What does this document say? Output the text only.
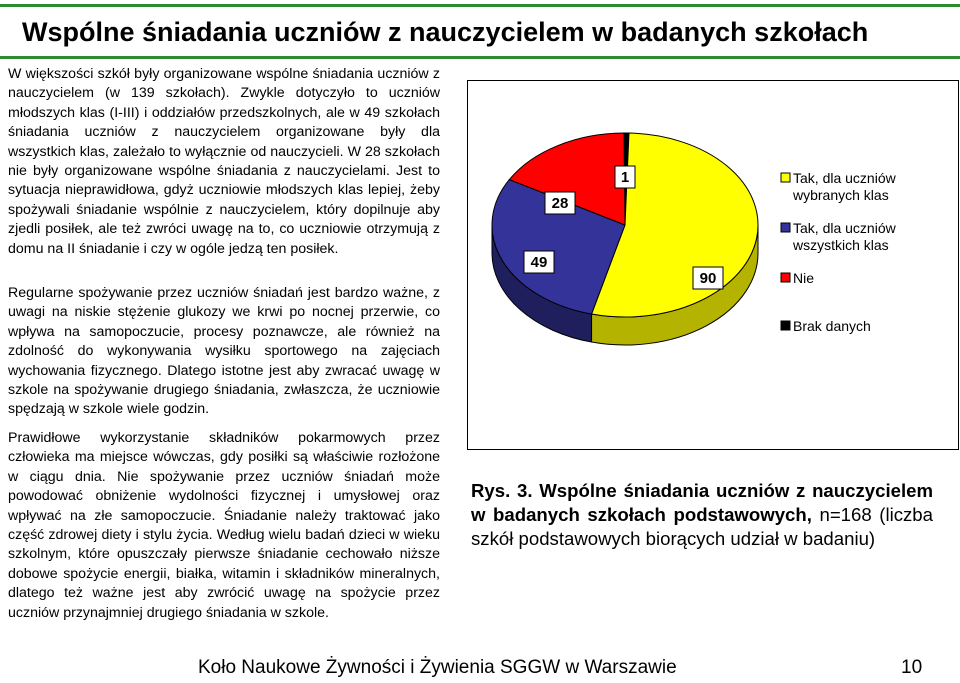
Wspólne śniadania uczniów z nauczycielem w badanych szkołach

W większości szkół były organizowane wspólne śniadania uczniów z nauczycielem (w 139 szkołach). Zwykle dotyczyło to uczniów młodszych klas (I-III) i oddziałów przedszkolnych, ale w 49 szkołach śniadania uczniów z nauczycielem organizowane były dla wszystkich klas, zależało to wyłącznie od nauczycieli. W 28 szkołach nie były organizowane wspólne śniadania z nauczycielami. Jest to sytuacja nieprawidłowa, gdyż uczniowie młodszych klas lepiej, żeby spożywali śniadanie wspólnie z nauczycielem, który dopilnuje aby zjedli posiłek, ale też zwróci uwagę na to, co uczniowie otrzymują z domu na II śniadanie i czy w ogóle jedzą ten posiłek.

Regularne spożywanie przez uczniów śniadań jest bardzo ważne, z uwagi na niskie stężenie glukozy we krwi po nocnej przerwie, co wpływa na samopoczucie, procesy poznawcze, ale również na zdolność do wykonywania wysiłku sportowego na zajęciach wychowania fizycznego. Dlatego istotne jest aby zwracać uwagę w szkole na spożywanie drugiego śniadania, zwłaszcza, że uczniowie spędzają w szkole wiele godzin.

Prawidłowe wykorzystanie składników pokarmowych przez człowieka ma miejsce wówczas, gdy posiłki są właściwie rozłożone w ciągu dnia. Nie spożywanie przez uczniów śniadań może powodować obniżenie wydolności fizycznej i umysłowej oraz wpływać na złe samopoczucie. Śniadanie należy traktować jako część zdrowej diety i stylu życia. Według wielu badań dzieci w wieku szkolnym, które opuszczały pierwsze śniadanie cechowało niższe dobowe spożycie energii, białka, witamin i składników mineralnych, dlatego też ważne jest aby zwrócić uwagę na spożycie przez uczniów przynajmniej drugiego śniadania w szkole.

1
90
49
28
Tak, dla uczniów wybranych klas
Tak, dla uczniów wszystkich klas
Nie
Brak danych

Rys. 3. Wspólne śniadania uczniów z nauczycielem w badanych szkołach podstawowych, n=168 (liczba szkół podstawowych biorących udział w badaniu)

Koło Naukowe Żywności i Żywienia SGGW w Warszawie	10
